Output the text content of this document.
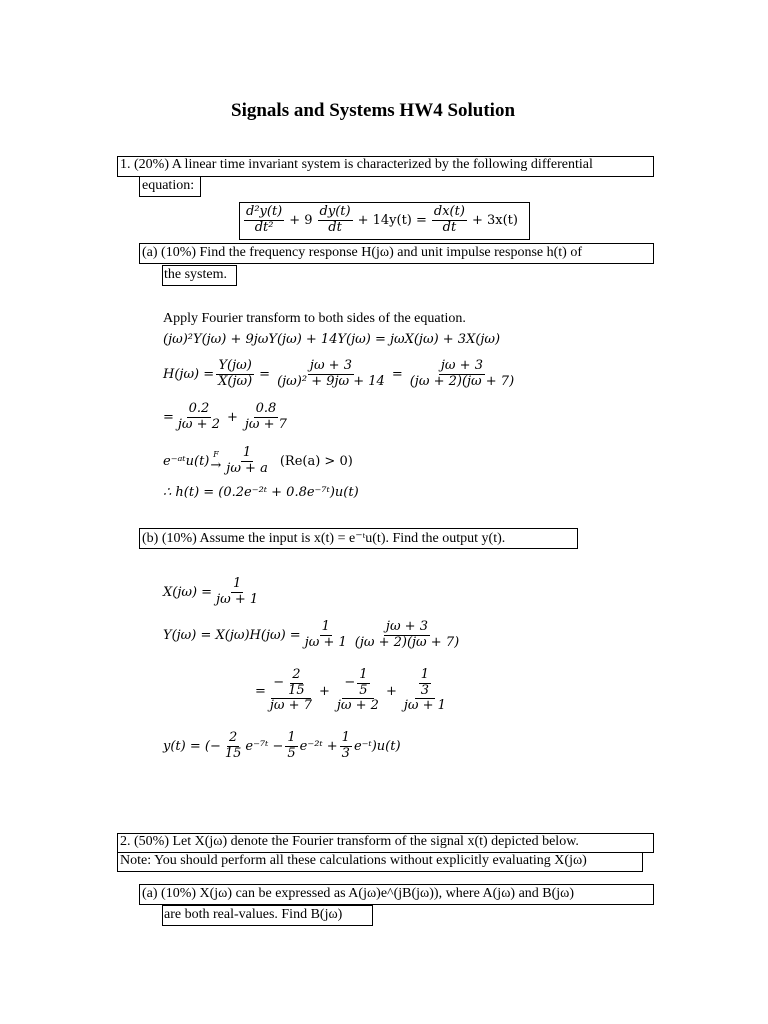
Signals and Systems HW4 Solution
1. (20%) A linear time invariant system is characterized by the following differential
equation:
$\frac{\text{d²y(t)}}{\text{dt²}} + 9 \frac{dy(t)}{dt} + 14y(t) = \frac{dx(t)}{dt} + 3x(t)$
(a) (10%) Find the frequency response H(jω) and unit impulse response h(t) of
the system.
Apply Fourier transform to both sides of the equation.
(jω)²Y(jω) + 9jωY(jω) + 14Y(jω) = jωX(jω) + 3X(jω)
$H(j\omega) = \frac{Y(j\omega)}{X(j\omega)} = \frac{j\omega + 3}{\text{(jω)² + 9jω + 14}} = \frac{j\omega + 3}{(j\omega + 2)(j\omega + 7)}$
= $\frac{0.2}{j\omega + 2} + \frac{0.8}{j\omega + 7}$
e⁻ᵃᵗu(t) F
→ $\frac{1}{j\omega + a} (Re(a) > 0)$
∴ h(t) = (0.2e⁻²ᵗ + 0.8e⁻⁷ᵗ)u(t)
(b) (10%) Assume the input is x(t) = e⁻ᵗu(t). Find the output y(t).
$X(j\omega) = \frac{1}{j\omega + 1}$
$Y(j\omega) = X(j\omega)H(j\omega) = \frac{1}{j\omega + 1} \frac{j\omega + 3}{(j\omega + 2)(j\omega + 7)}$
= $\frac{- \frac{2}{15}}{j\omega + 7} + \frac{- \frac{1}{5}}{j\omega + 2} + \frac{\frac{1}{3}}{j\omega + 1}$
y(t) = (− $\frac{2}{15}$ e⁻⁷ᵗ − $\frac{1}{5}$ e⁻²ᵗ + $\frac{1}{3}$ e⁻ᵗ)u(t)
2. (50%) Let X(jω) denote the Fourier transform of the signal x(t) depicted below.
Note: You should perform all these calculations without explicitly evaluating X(jω)
(a) (10%) X(jω) can be expressed as A(jω)e^(jB(jω)), where A(jω) and B(jω)
are both real-values. Find B(jω)
